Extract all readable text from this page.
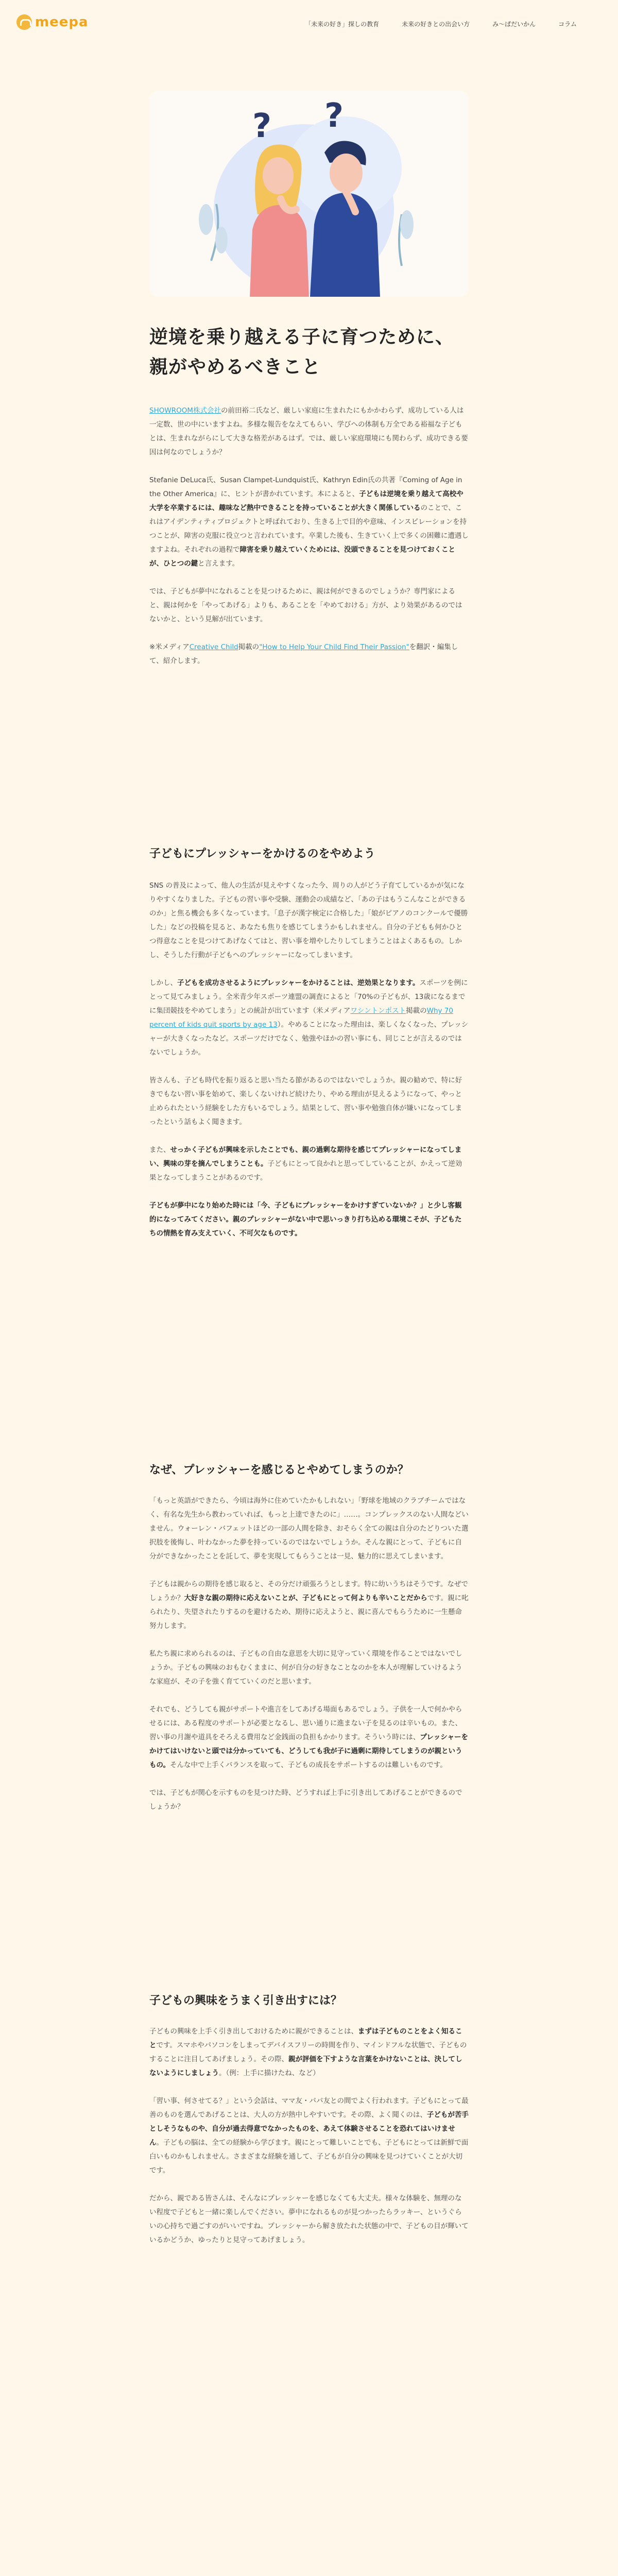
meepa	「未来の好き」探しの教育	未来の好きとの出会い方	み〜ぱだいかん	コラム
? ?
逆境を乗り越える子に育つために、
親がやめるべきこと

SHOWROOM株式会社の前田裕二氏など、厳しい家庭に生まれたにもかかわらず、成功している人は一定数、世の中にいますよね。多様な報告をなえてもらい、学びへの体制も万全である裕福な子どもとは、生まれながらにして大きな格差があるはず。では、厳しい家庭環境にも関わらず、成功できる要因は何なのでしょうか？

Stefanie DeLuca氏、Susan Clampet-Lundquist氏、Kathryn Edin氏の共著『Coming of Age in the Other America』に、ヒントが書かれています。本によると、子どもは逆境を乗り越えて高校や大学を卒業するには、趣味など熱中できることを持っていることが大きく関係しているのことで、これはアイデンティティプロジェクトと呼ばれており、生きる上で目的や意味、インスピレーションを持つことが、障害の克服に役立つと言われています。卒業した後も、生きていく上で多くの困難に遭遇しますよね。それぞれの過程で障害を乗り越えていくためには、没頭できることを見つけておくことが、ひとつの鍵と言えます。

では、子どもが夢中になれることを見つけるために、親は何ができるのでしょうか？専門家によると、親は何かを「やってあげる」よりも、あることを「やめておける」方が、より効果があるのではないかと、という見解が出ています。

※米メディアCreative Child掲載の"How to Help Your Child Find Their Passion"を翻訳・編集して、紹介します。

子どもにプレッシャーをかけるのをやめよう

SNS の普及によって、他人の生活が見えやすくなった今、周りの人がどう子育てしているかが気になりやすくなりました。子どもの習い事や受験、運動会の成績など、「あの子はもうこんなことができるのか」と焦る機会も多くなっています。「息子が漢字検定に合格した」「娘がピアノのコンクールで優勝した」などの投稿を見ると、あなたも焦りを感じてしまうかもしれません。自分の子どもも何かひとつ得意なことを見つけてあげなくてはと、習い事を増やしたりしてしまうことはよくあるもの。しかし、そうした行動が子どもへのプレッシャーになってしまいます。

しかし、子どもを成功させるようにプレッシャーをかけることは、逆効果となります。スポーツを例にとって見てみましょう。全米青少年スポーツ連盟の調査によると「70%の子どもが、13歳になるまでに集団競技をやめてしまう」との統計が出ています（米メディアワシントンポスト掲載のWhy 70 percent of kids quit sports by age 13）。やめることになった理由は、楽しくなくなった、プレッシャーが大きくなったなど。スポーツだけでなく、勉強やほかの習い事にも、同じことが言えるのではないでしょうか。

皆さんも、子ども時代を振り返ると思い当たる節があるのではないでしょうか。親の勧めで、特に好きでもない習い事を始めて、楽しくないけれど続けたり、やめる理由が見えるようになって、やっと止められたという経験をした方もいるでしょう。結果として、習い事や勉強自体が嫌いになってしまったという話もよく聞きます。

また、せっかく子どもが興味を示したことでも、親の過剰な期待を感じてプレッシャーになってしまい、興味の芽を摘んでしまうことも。子どもにとって良かれと思ってしていることが、かえって逆効果となってしまうことがあるのです。

子どもが夢中になり始めた時には「今、子どもにプレッシャーをかけすぎていないか？」と少し客観的になってみてください。親のプレッシャーがない中で思いっきり打ち込める環境こそが、子どもたちの情熱を育み支えていく、不可欠なものです。

なぜ、プレッシャーを感じるとやめてしまうのか？

「もっと英語ができたら、今頃は海外に住めていたかもしれない」「野球を地域のクラブチームではなく、有名な先生から教わっていれば、もっと上達できたのに」……。コンプレックスのない人間などいません。ウォーレン・バフェットほどの一部の人間を除き、おそらく全ての親は自分のたどりついた選択肢を後悔し、叶わなかった夢を持っているのではないでしょうか。そんな親にとって、子どもに自分ができなかったことを託して、夢を実現してもらうことは一見、魅力的に思えてしまいます。

子どもは親からの期待を感じ取ると、その分だけ頑張ろうとします。特に幼いうちはそうです。なぜでしょうか？大好きな親の期待に応えないことが、子どもにとって何よりも辛いことだからです。親に叱られたり、失望されたりするのを避けるため、期待に応えようと、親に喜んでもらうために一生懸命努力します。

私たち親に求められるのは、子どもの自由な意思を大切に見守っていく環境を作ることではないでしょうか。子どもの興味のおもむくままに、何が自分の好きなことなのかを本人が理解していけるような家庭が、その子を強く育てていくのだと思います。

それでも、どうしても親がサポートや進言をしてあげる場面もあるでしょう。子供を一人で何かやらせるには、ある程度のサポートが必要となるし、思い通りに進まない子を見るのは辛いもの。また、習い事の月謝や道具をそろえる費用など金銭面の負担もかかります。そういう時には、プレッシャーをかけてはいけないと頭では分かっていても、どうしても我が子に過剰に期待してしまうのが親というもの。そんな中で上手くバランスを取って、子どもの成長をサポートするのは難しいものです。

では、子どもが関心を示すものを見つけた時、どうすれば上手に引き出してあげることができるのでしょうか？

子どもの興味をうまく引き出すには？

子どもの興味を上手く引き出しておけるために親ができることは、まずは子どものことをよく知ることです。スマホやパソコンをしまってデバイスフリーの時間を作り、マインドフルな状態で、子どものすることに注目してあげましょう。その際、親が評価を下すような言葉をかけないことは、決してしないようにしましょう。（例：上手に描けたね、など）

「習い事、何させてる？」という会話は、ママ友・パパ友との間でよく行われます。子どもにとって最善のものを選んであげることは、大人の方が熱中しやすいです。その際、よく聞くのは、子どもが苦手としそうなものや、自分が過去得意でなかったものを、あえて体験させることを恐れてはいけません。子どもの脳は、全ての経験から学びます。親にとって難しいことでも、子どもにとっては新鮮で面白いものかもしれません。さまざまな経験を通して、子どもが自分の興味を見つけていくことが大切です。

だから、親である皆さんは、そんなにプレッシャーを感じなくても大丈夫。様々な体験を、無理のない程度で子どもと一緒に楽しんでください。夢中になれるものが見つかったらラッキー、というぐらいの心持ちで過ごすのがいいですね。プレッシャーから解き放たれた状態の中で、子どもの目が輝いているかどうか、ゆったりと見守ってあげましょう。
